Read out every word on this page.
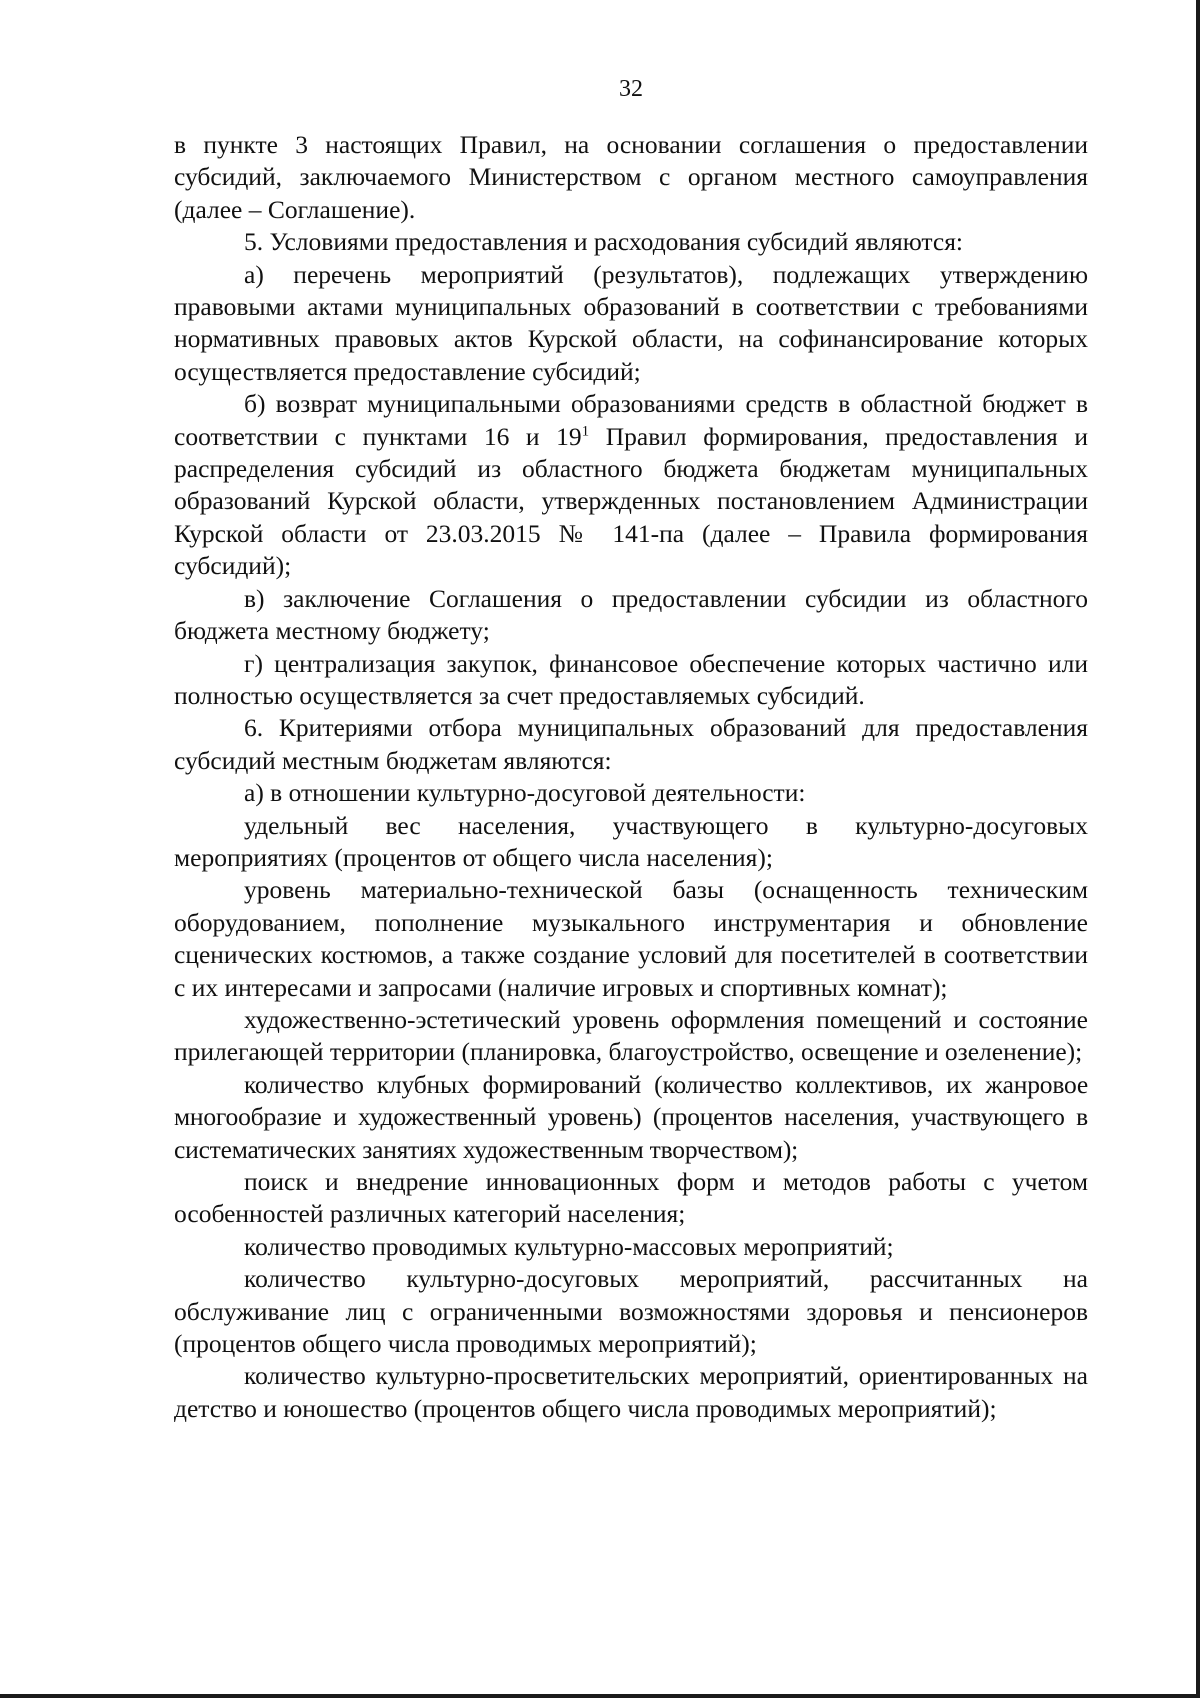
32

в пункте 3 настоящих Правил, на основании соглашения о предоставлении субсидий, заключаемого Министерством с органом местного самоуправления (далее – Соглашение).

5. Условиями предоставления и расходования субсидий являются:

а) перечень мероприятий (результатов), подлежащих утверждению правовыми актами муниципальных образований в соответствии с требованиями нормативных правовых актов Курской области, на софинансирование которых осуществляется предоставление субсидий;

б) возврат муниципальными образованиями средств в областной бюджет в соответствии с пунктами 16 и $19^1$ Правил формирования, предоставления и распределения субсидий из областного бюджета бюджетам муниципальных образований Курской области, утвержденных постановлением Администрации Курской области от 23.03.2015 № 141-па (далее – Правила формирования субсидий);

в) заключение Соглашения о предоставлении субсидии из областного бюджета местному бюджету;

г) централизация закупок, финансовое обеспечение которых частично или полностью осуществляется за счет предоставляемых субсидий.

6. Критериями отбора муниципальных образований для предоставления субсидий местным бюджетам являются:

а) в отношении культурно-досуговой деятельности:

удельный вес населения, участвующего в культурно-досуговых мероприятиях (процентов от общего числа населения);

уровень материально-технической базы (оснащенность техническим оборудованием, пополнение музыкального инструментария и обновление сценических костюмов, а также создание условий для посетителей в соответствии с их интересами и запросами (наличие игровых и спортивных комнат);

художественно-эстетический уровень оформления помещений и состояние прилегающей территории (планировка, благоустройство, освещение и озеленение);

количество клубных формирований (количество коллективов, их жанровое многообразие и художественный уровень) (процентов населения, участвующего в систематических занятиях художественным творчеством);

поиск и внедрение инновационных форм и методов работы с учетом особенностей различных категорий населения;

количество проводимых культурно-массовых мероприятий;

количество культурно-досуговых мероприятий, рассчитанных на обслуживание лиц с ограниченными возможностями здоровья и пенсионеров (процентов общего числа проводимых мероприятий);

количество культурно-просветительских мероприятий, ориентированных на детство и юношество (процентов общего числа проводимых мероприятий);
